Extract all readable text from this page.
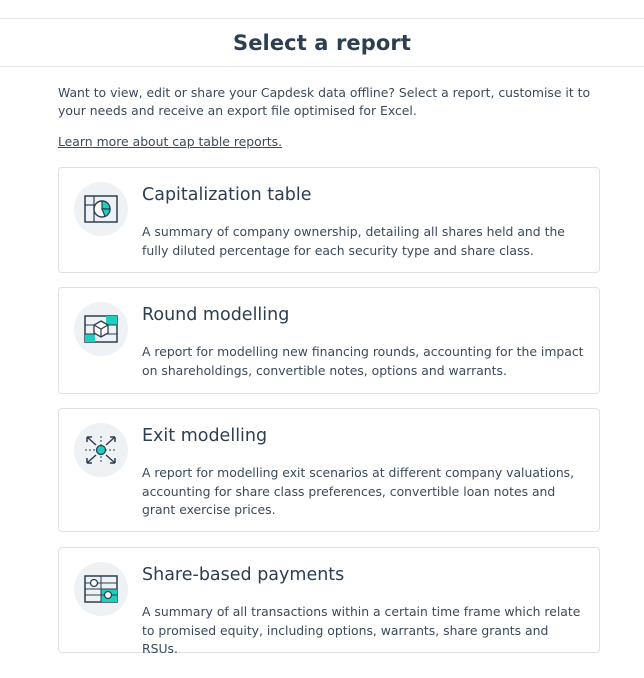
Select a report

Want to view, edit or share your Capdesk data offline? Select a report, customise it to your needs and receive an export file optimised for Excel.

Learn more about cap table reports.
Capitalization table
A summary of company ownership, detailing all shares held and the fully diluted percentage for each security type and share class.
Round modelling
A report for modelling new financing rounds, accounting for the impact on shareholdings, convertible notes, options and warrants.
Exit modelling
A report for modelling exit scenarios at different company valuations, accounting for share class preferences, convertible loan notes and grant exercise prices.
Share-based payments
A summary of all transactions within a certain time frame which relate to promised equity, including options, warrants, share grants and RSUs.
